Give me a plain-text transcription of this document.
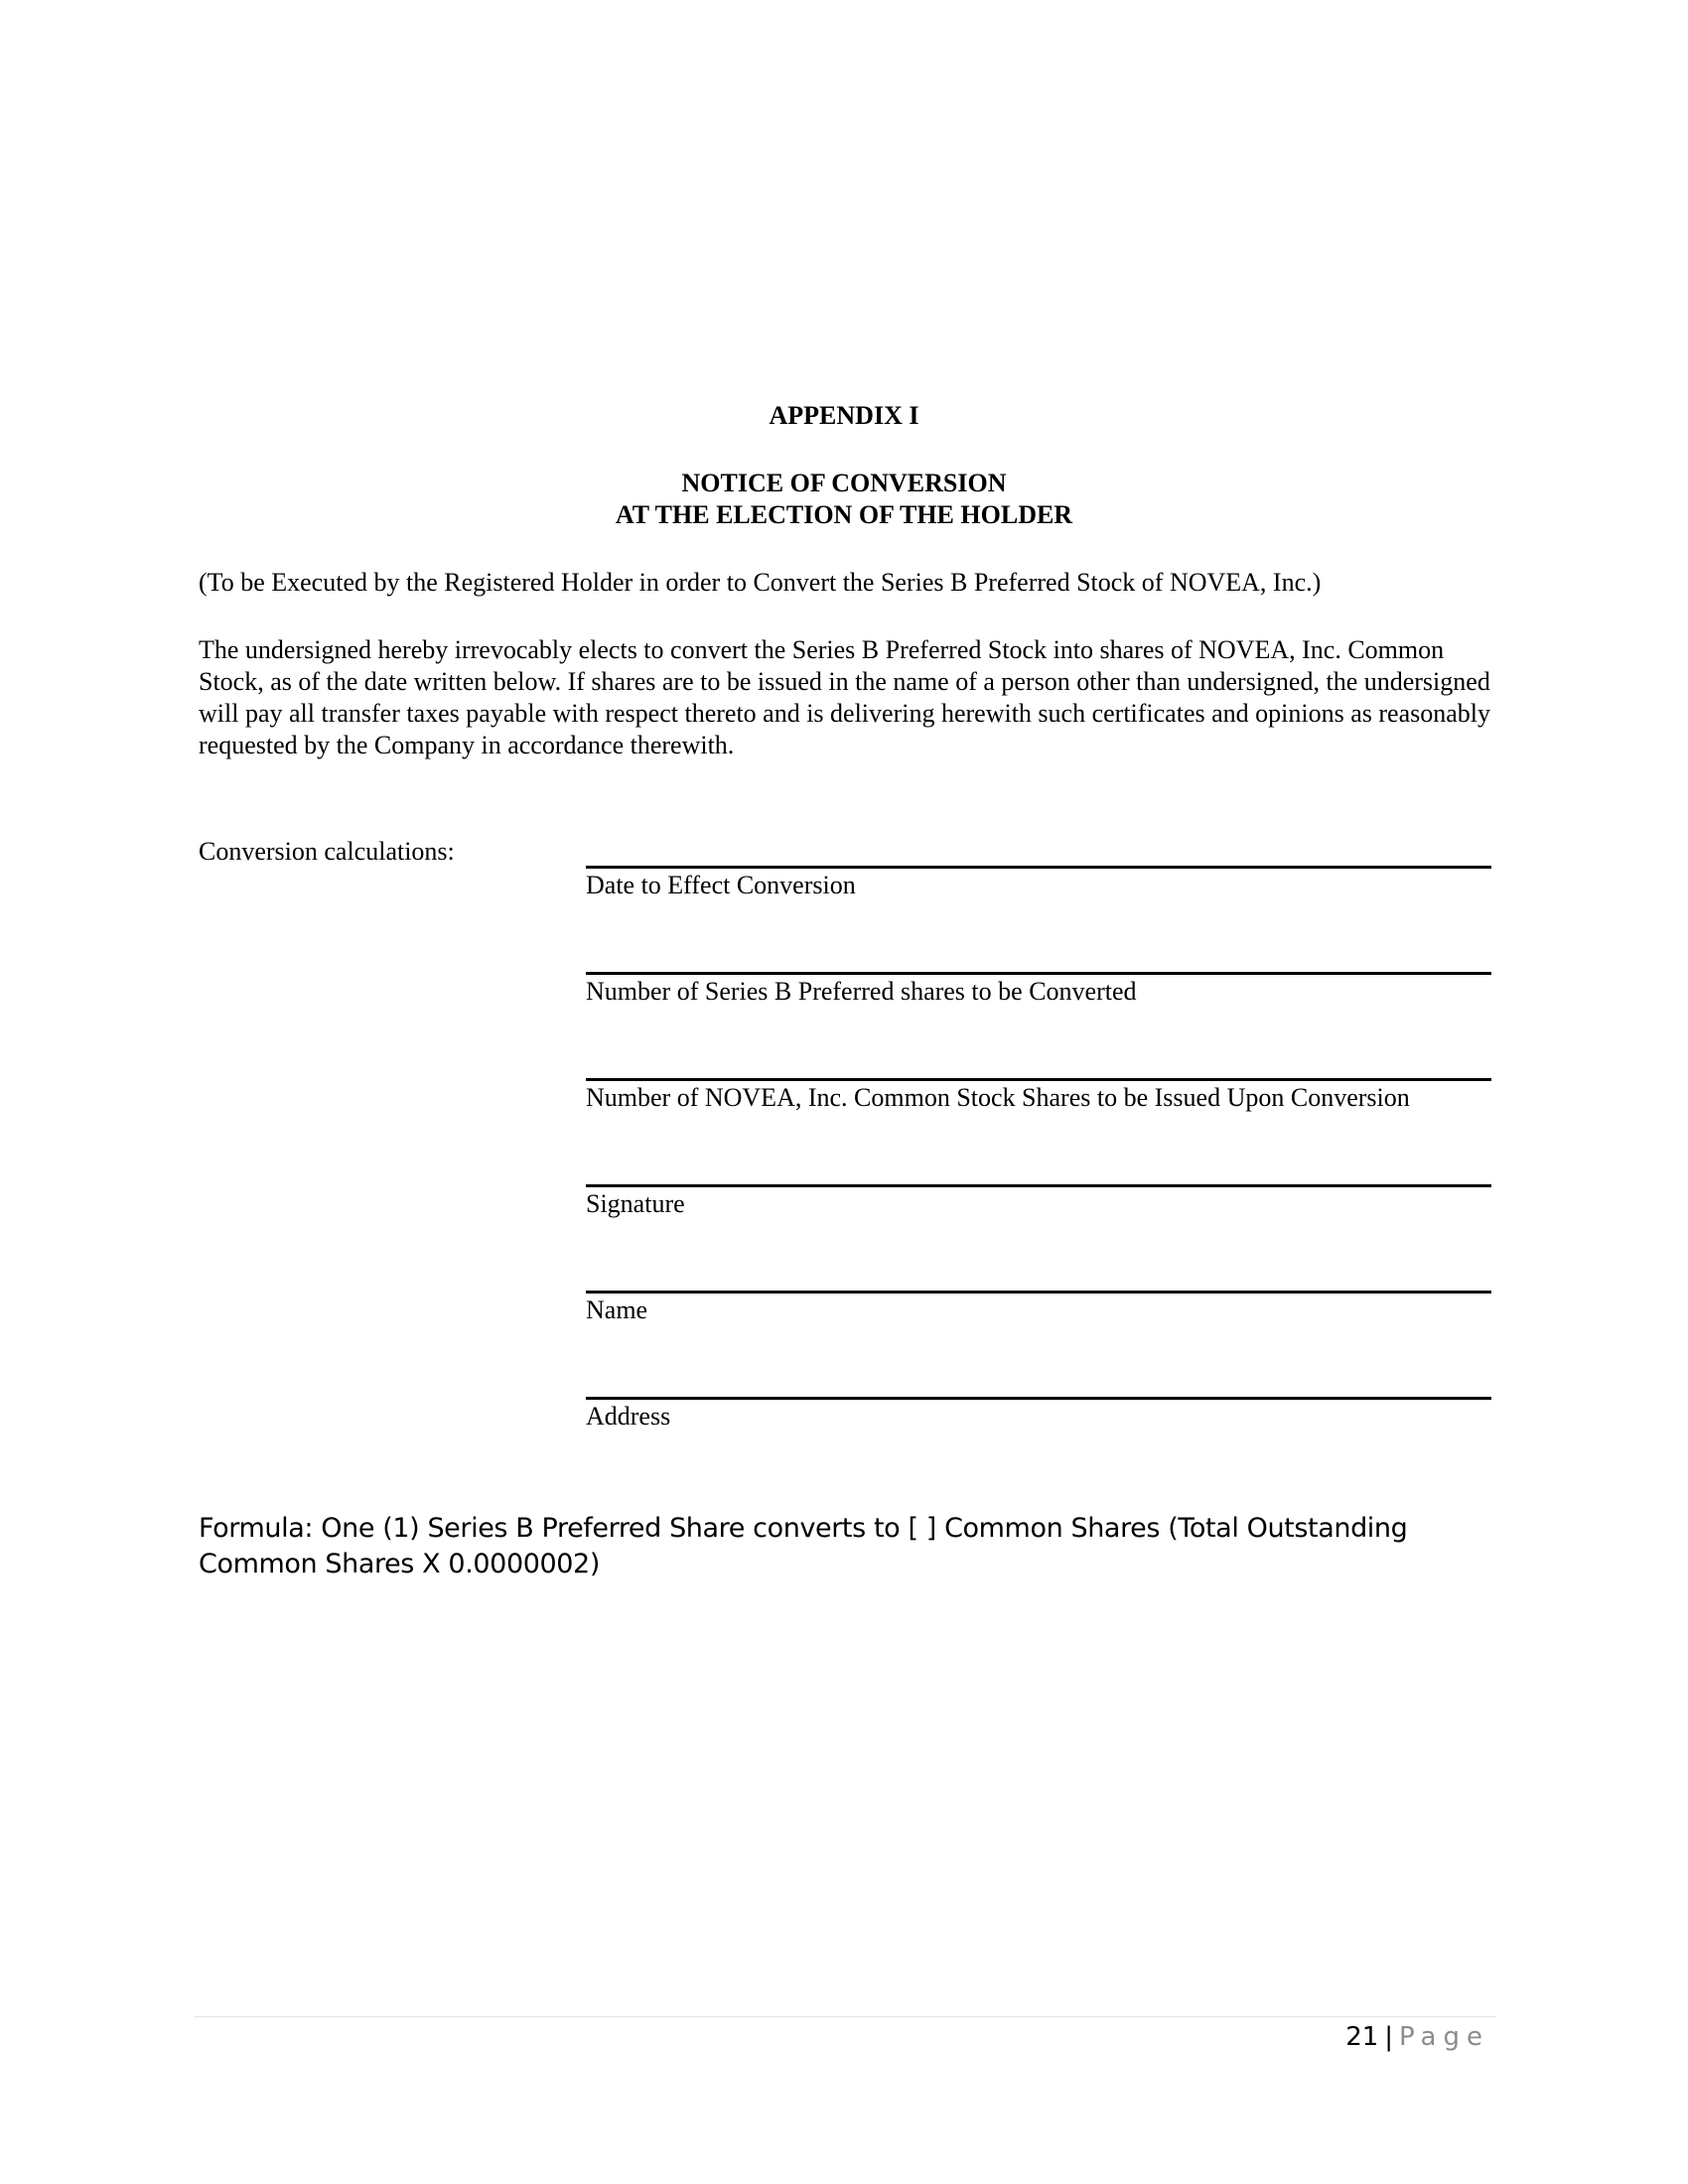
APPENDIX I
NOTICE OF CONVERSION
AT THE ELECTION OF THE HOLDER
(To be Executed by the Registered Holder in order to Convert the Series B Preferred Stock of NOVEA, Inc.)
The undersigned hereby irrevocably elects to convert the Series B Preferred Stock into shares of NOVEA, Inc. Common Stock, as of the date written below. If shares are to be issued in the name of a person other than undersigned, the undersigned will pay all transfer taxes payable with respect thereto and is delivering herewith such certificates and opinions as reasonably requested by the Company in accordance therewith.
Conversion calculations:
Date to Effect Conversion
Number of Series B Preferred shares to be Converted
Number of NOVEA, Inc. Common Stock Shares to be Issued Upon Conversion
Signature
Name
Address
Formula: One (1) Series B Preferred Share converts to [ ] Common Shares (Total Outstanding Common Shares X 0.0000002)
21 | Page
